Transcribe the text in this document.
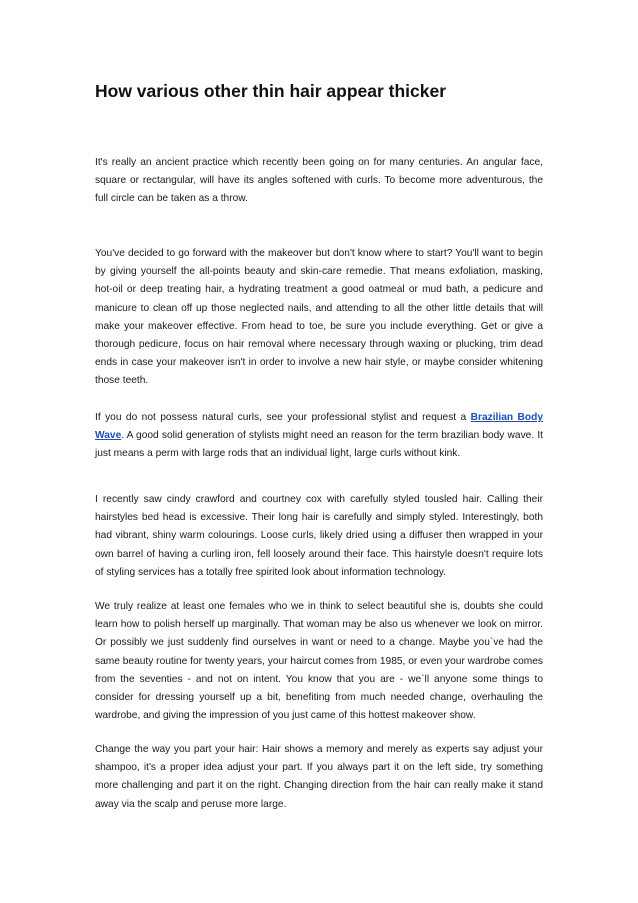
How various other thin hair appear thicker

It's really an ancient practice which recently been going on for many centuries. An angular face, square or rectangular, will have its angles softened with curls. To become more adventurous, the full circle can be taken as a throw.

You've decided to go forward with the makeover but don't know where to start? You'll want to begin by giving yourself the all-points beauty and skin-care remedie. That means exfoliation, masking, hot-oil or deep treating hair, a hydrating treatment a good oatmeal or mud bath, a pedicure and manicure to clean off up those neglected nails, and attending to all the other little details that will make your makeover effective. From head to toe, be sure you include everything. Get or give a thorough pedicure, focus on hair removal where necessary through waxing or plucking, trim dead ends in case your makeover isn't in order to involve a new hair style, or maybe consider whitening those teeth.

If you do not possess natural curls, see your professional stylist and request a Brazilian Body Wave. A good solid generation of stylists might need an reason for the term brazilian body wave. It just means a perm with large rods that an individual light, large curls without kink.

I recently saw cindy crawford and courtney cox with carefully styled tousled hair. Calling their hairstyles bed head is excessive. Their long hair is carefully and simply styled. Interestingly, both had vibrant, shiny warm colourings. Loose curls, likely dried using a diffuser then wrapped in your own barrel of having a curling iron, fell loosely around their face. This hairstyle doesn't require lots of styling services has a totally free spirited look about information technology.

We truly realize at least one females who we in think to select beautiful she is, doubts she could learn how to polish herself up marginally. That woman may be also us whenever we look on mirror. Or possibly we just suddenly find ourselves in want or need to a change. Maybe you`ve had the same beauty routine for twenty years, your haircut comes from 1985, or even your wardrobe comes from the seventies - and not on intent. You know that you are - we`ll anyone some things to consider for dressing yourself up a bit, benefiting from much needed change, overhauling the wardrobe, and giving the impression of you just came of this hottest makeover show.

Change the way you part your hair: Hair shows a memory and merely as experts say adjust your shampoo, it's a proper idea adjust your part. If you always part it on the left side, try something more challenging and part it on the right. Changing direction from the hair can really make it stand away via the scalp and peruse more large.
